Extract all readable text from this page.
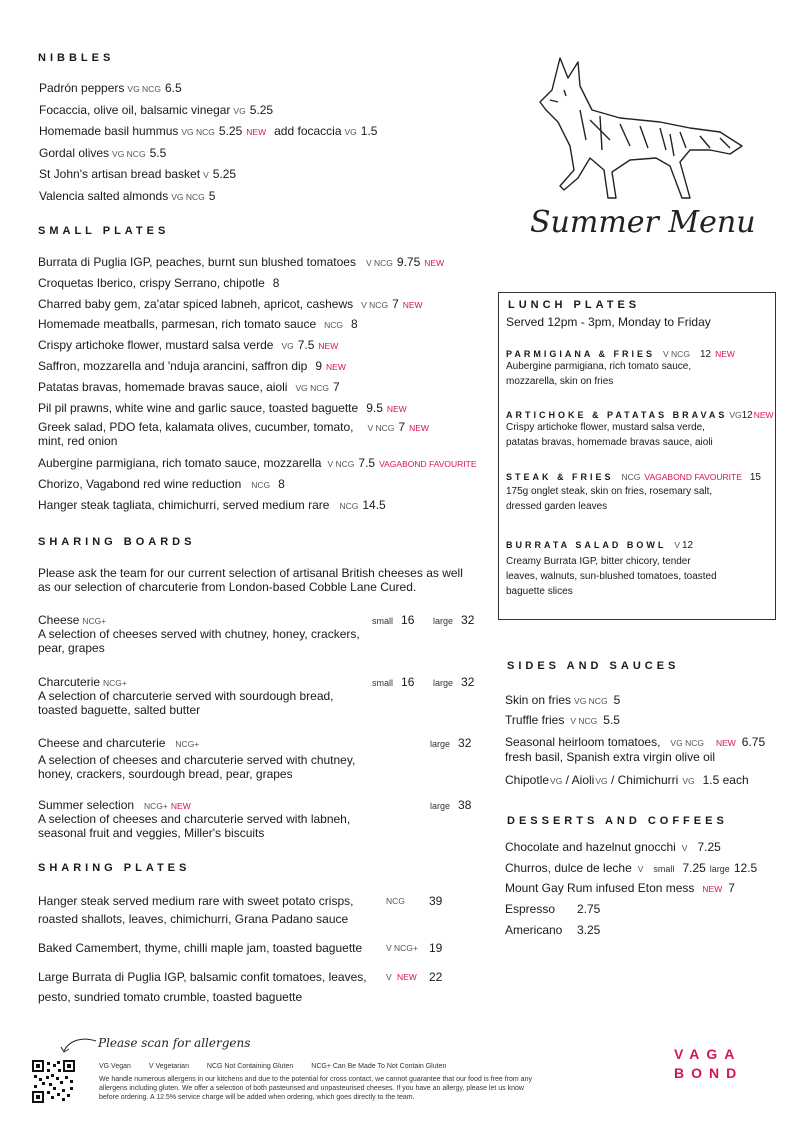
NIBBLES
Padrón peppers VG NCG 6.5
Focaccia, olive oil, balsamic vinegar VG 5.25
Homemade basil hummus VG NCG 5.25 NEW add focaccia VG 1.5
Gordal olives VG NCG 5.5
St John's artisan bread basket V 5.25
Valencia salted almonds VG NCG 5
Summer Menu
SMALL PLATES
Burrata di Puglia IGP, peaches, burnt sun blushed tomatoes V NCG 9.75 NEW
Croquetas Iberico, crispy Serrano, chipotle 8
Charred baby gem, za'atar spiced labneh, apricot, cashews V NCG 7 NEW
Homemade meatballs, parmesan, rich tomato sauce NCG 8
Crispy artichoke flower, mustard salsa verde VG 7.5 NEW
Saffron, mozzarella and 'nduja arancini, saffron dip 9 NEW
Patatas bravas, homemade bravas sauce, aioli VG NCG 7
Pil pil prawns, white wine and garlic sauce, toasted baguette 9.5 NEW
Greek salad, PDO feta, kalamata olives, cucumber, tomato, V NCG 7 NEW
mint, red onion
Aubergine parmigiana, rich tomato sauce, mozzarella V NCG 7.5 VAGABOND FAVOURITE
Chorizo, Vagabond red wine reduction NCG 8
Hanger steak tagliata, chimichurri, served medium rare NCG 14.5
SHARING BOARDS
Please ask the team for our current selection of artisanal British cheeses as well
as our selection of charcuterie from London-based Cobble Lane Cured.
Cheese NCG+	small 16 large 32
A selection of cheeses served with chutney, honey, crackers,
pear, grapes
Charcuterie NCG+	small 16 large 32
A selection of charcuterie served with sourdough bread,
toasted baguette, salted butter
Cheese and charcuterie NCG+	large 32
A selection of cheeses and charcuterie served with chutney,
honey, crackers, sourdough bread, pear, grapes
Summer selection NCG+ NEW	large 38
A selection of cheeses and charcuterie served with labneh,
seasonal fruit and veggies, Miller's biscuits
SHARING PLATES
Hanger steak served medium rare with sweet potato crisps,	NCG 39
roasted shallots, leaves, chimichurri, Grana Padano sauce
Baked Camembert, thyme, chilli maple jam, toasted baguette	V NCG+ 19
Large Burrata di Puglia IGP, balsamic confit tomatoes, leaves, V NEW 22
pesto, sundried tomato crumble, toasted baguette
LUNCH PLATES
Served 12pm - 3pm, Monday to Friday
PARMIGIANA & FRIES V NCG 12 NEW
Aubergine parmigiana, rich tomato sauce,
mozzarella, skin on fries
ARTICHOKE & PATATAS BRAVAS VG12NEW
Crispy artichoke flower, mustard salsa verde,
patatas bravas, homemade bravas sauce, aioli
STEAK & FRIES NCG VAGABOND FAVOURITE 15
175g onglet steak, skin on fries, rosemary salt,
dressed garden leaves
BURRATA SALAD BOWL V 12
Creamy Burrata IGP, bitter chicory, tender
leaves, walnuts, sun-blushed tomatoes, toasted
baguette slices
SIDES AND SAUCES
Skin on fries VG NCG 5
Truffle fries V NCG 5.5
Seasonal heirloom tomatoes, VG NCG NEW 6.75
fresh basil, Spanish extra virgin olive oil
ChipotleVG / AioliVG / Chimichurri VG 1.5 each
DESSERTS AND COFFEES
Chocolate and hazelnut gnocchi V 7.25
Churros, dulce de leche V small 7.25 large 12.5
Mount Gay Rum infused Eton mess NEW 7
Espresso 2.75
Americano 3.25
Please scan for allergens
VG Vegan	V Vegetarian	NCG Not Containing Gluten	NCG+ Can Be Made To Not Contain Gluten
We handle numerous allergens in our kitchens and due to the potential for cross contact, we cannot guarantee that our food is free from any
allergens including gluten. We offer a selection of both pasteurised and unpasteurised cheeses. If you have an allergy, please let us know
before ordering. A 12.5% service charge will be added when ordering, which goes directly to the team.
VAGA
BOND
